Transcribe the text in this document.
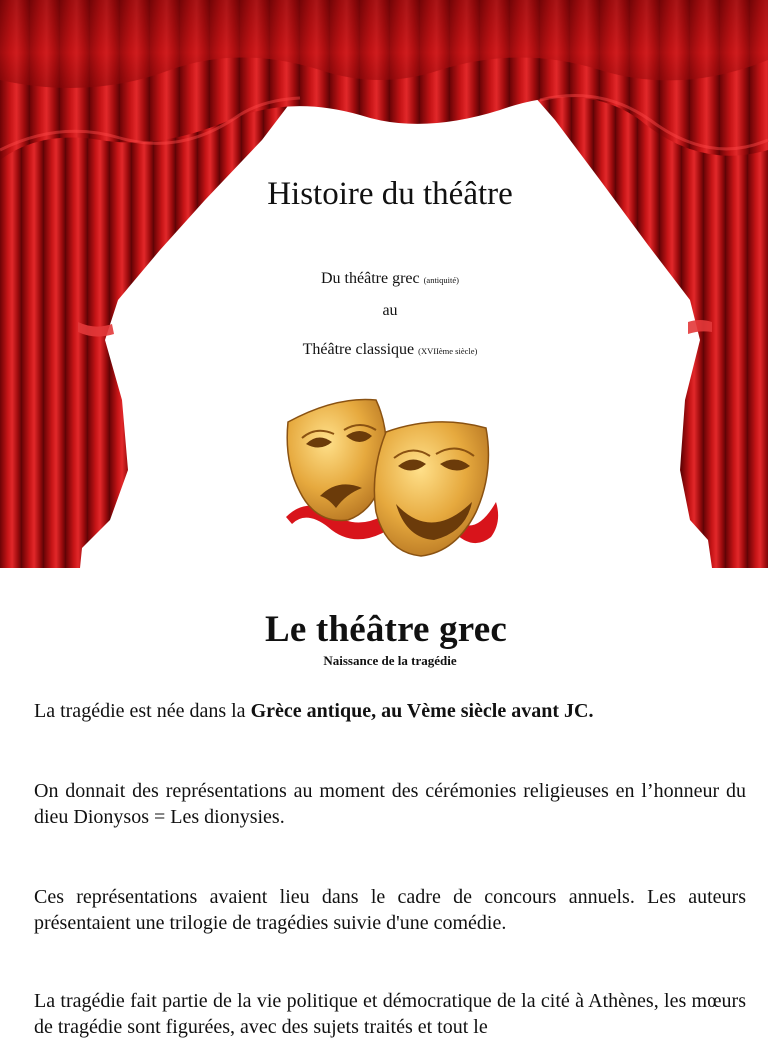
Histoire du théâtre
Du théâtre grec (antiquité)
au
Théâtre classique (XVIIème siècle)
Le théâtre grec
Naissance de la tragédie

La tragédie est née dans la Grèce antique, au Vème siècle avant JC.

On donnait des représentations au moment des cérémonies religieuses en l’honneur du dieu Dionysos = Les dionysies.

Ces représentations avaient lieu dans le cadre de concours annuels. Les auteurs présentaient une trilogie de tragédies suivie d'une comédie.

La tragédie fait partie de la vie politique et démocratique de la cité à Athènes, les mœurs de tragédie sont figurées, avec des sujets traités et tout le
